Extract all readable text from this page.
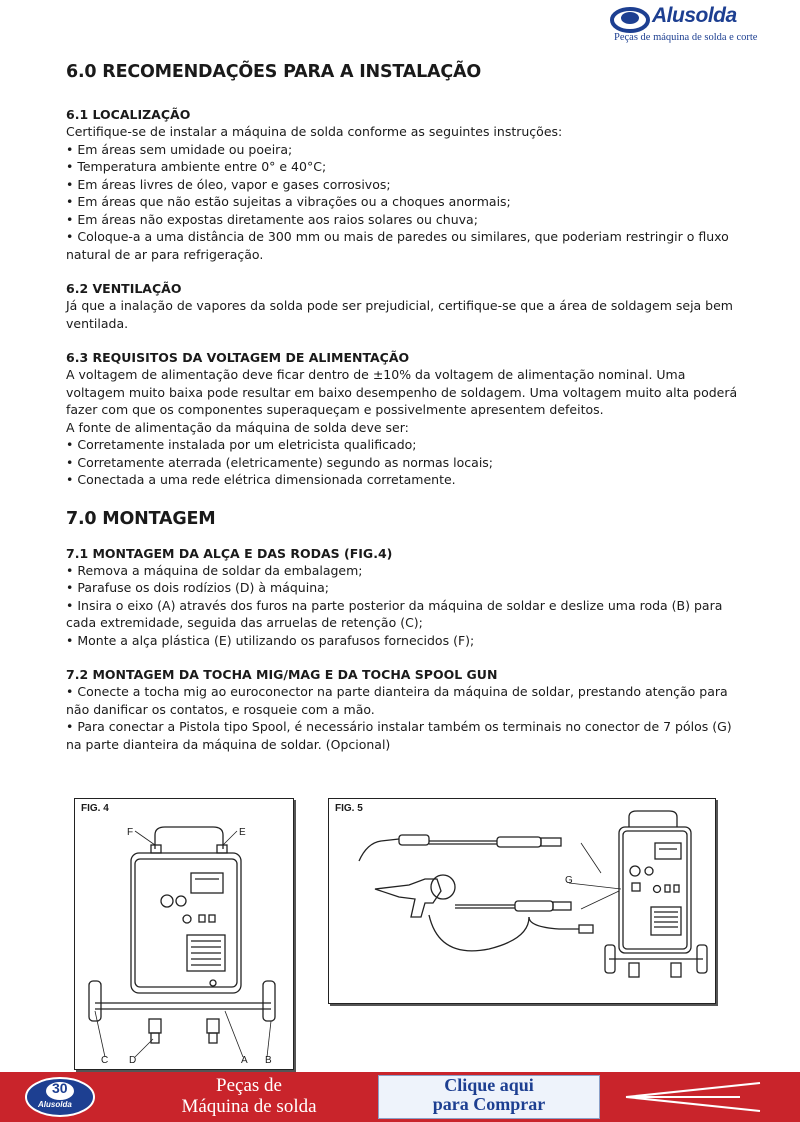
Alusolda
Peças de máquina de solda e corte
6.0 RECOMENDAÇÕES PARA A INSTALAÇÃO
6.1 LOCALIZAÇÃO

Certifique-se de instalar a máquina de solda conforme as seguintes instruções:

• Em áreas sem umidade ou poeira;
• Temperatura ambiente entre 0° e 40°C;
• Em áreas livres de óleo, vapor e gases corrosivos;
• Em áreas que não estão sujeitas a vibrações ou a choques anormais;
• Em áreas não expostas diretamente aos raios solares ou chuva;
• Coloque-a a uma distância de 300 mm ou mais de paredes ou similares, que poderiam restringir o fluxo natural de ar para refrigeração.
6.2 VENTILAÇÃO

Já que a inalação de vapores da solda pode ser prejudicial, certifique-se que a área de soldagem seja bem ventilada.

6.3 REQUISITOS DA VOLTAGEM DE ALIMENTAÇÃO

A voltagem de alimentação deve ficar dentro de ±10% da voltagem de alimentação nominal. Uma voltagem muito baixa pode resultar em baixo desempenho de soldagem. Uma voltagem muito alta poderá fazer com que os componentes superaqueçam e possivelmente apresentem defeitos.

A fonte de alimentação da máquina de solda deve ser:

• Corretamente instalada por um eletricista qualificado;
• Corretamente aterrada (eletricamente) segundo as normas locais;
• Conectada a uma rede elétrica dimensionada corretamente.
7.0 MONTAGEM
7.1 MONTAGEM DA ALÇA E DAS RODAS (FIG.4)
• Remova a máquina de soldar da embalagem;
• Parafuse os dois rodízios (D) à máquina;
• Insira o eixo (A) através dos furos na parte posterior da máquina de soldar e deslize uma roda (B) para cada extremidade, seguida das arruelas de retenção (C);
• Monte a alça plástica (E) utilizando os parafusos fornecidos (F);
7.2 MONTAGEM DA TOCHA MIG/MAG E DA TOCHA SPOOL GUN
• Conecte a tocha mig ao euroconector na parte dianteira da máquina de soldar, prestando atenção para não danificar os contatos, e rosqueie com a mão.
• Para conectar a Pistola tipo Spool, é necessário instalar também os terminais no conector de 7 pólos (G) na parte dianteira da máquina de soldar. (Opcional)
FIG. 4
F	E
C D	A B
FIG. 5
G
30
Alusolda
Peças de
Máquina de solda
Clique aqui
para Comprar
